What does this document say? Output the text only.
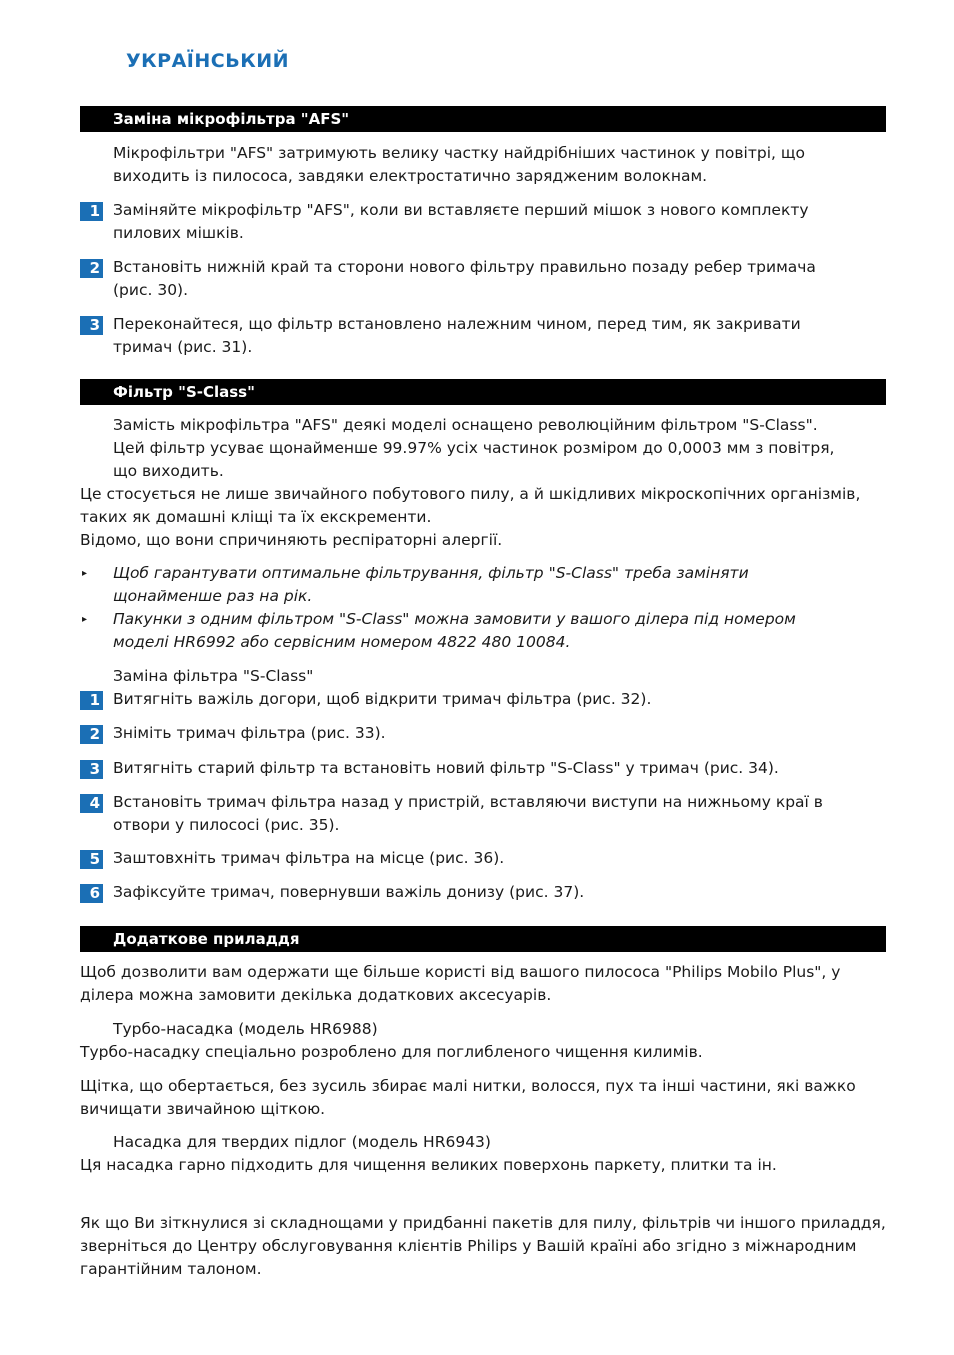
УКРАЇНСЬКИЙ
Заміна мікрофільтра "AFS"
Мікрофільтри "AFS" затримують велику частку найдрібніших частинок у повітрі, що
виходить із пилососа, завдяки електростатично зарядженим волокнам.
1 Заміняйте мікрофільтр "AFS", коли ви вставляєте перший мішок з нового комплекту
пилових мішків.
2 Встановіть нижній край та сторони нового фільтру правильно позаду ребер тримача
(рис. 30).
3 Переконайтеся, що фільтр встановлено належним чином, перед тим, як закривати
тримач (рис. 31).
Фільтр "S-Class"
Замість мікрофільтра "AFS" деякі моделі оснащено революційним фільтром "S-Class".
Цей фільтр усуває щонайменше 99.97% усіх частинок розміром до 0,0003 мм з повітря,
що виходить.
Це стосується не лише звичайного побутового пилу, а й шкідливих мікроскопічних організмів,
таких як домашні кліщі та їх екскременти.
Відомо, що вони спричиняють респіраторні алергії.
▸ Щоб гарантувати оптимальне фільтрування, фільтр "S-Class" треба заміняти
щонайменше раз на рік.
▸ Пакунки з одним фільтром "S-Class" можна замовити у вашого ділера під номером
моделі HR6992 або сервісним номером 4822 480 10084.
Заміна фільтра "S-Class"
1 Витягніть важіль догори, щоб відкрити тримач фільтра (рис. 32).
2 Зніміть тримач фільтра (рис. 33).
3 Витягніть старий фільтр та встановіть новий фільтр "S-Class" у тримач (рис. 34).
4 Встановіть тримач фільтра назад у пристрій, вставляючи виступи на нижньому краї в
отвори у пилососі (рис. 35).
5 Заштовхніть тримач фільтра на місце (рис. 36).
6 Зафіксуйте тримач, повернувши важіль донизу (рис. 37).
Додаткове приладдя
Щоб дозволити вам одержати ще більше користі від вашого пилососа "Philips Mobilo Plus", у
ділера можна замовити декілька додаткових аксесуарів.
Турбо-насадка (модель HR6988)
Турбо-насадку спеціально розроблено для поглибленого чищення килимів.
Щітка, що обертається, без зусиль збирає малі нитки, волосся, пух та інші частини, які важко
вичищати звичайною щіткою.
Насадка для твердих підлог (модель HR6943)
Ця насадка гарно підходить для чищення великих поверхонь паркету, плитки та ін.
Як що Ви зіткнулися зі складнощами у придбанні пакетів для пилу, фільтрів чи іншого приладдя,
зверніться до Центру обслуговування клієнтів Philips у Вашій країні або згідно з міжнародним
гарантійним талоном.
